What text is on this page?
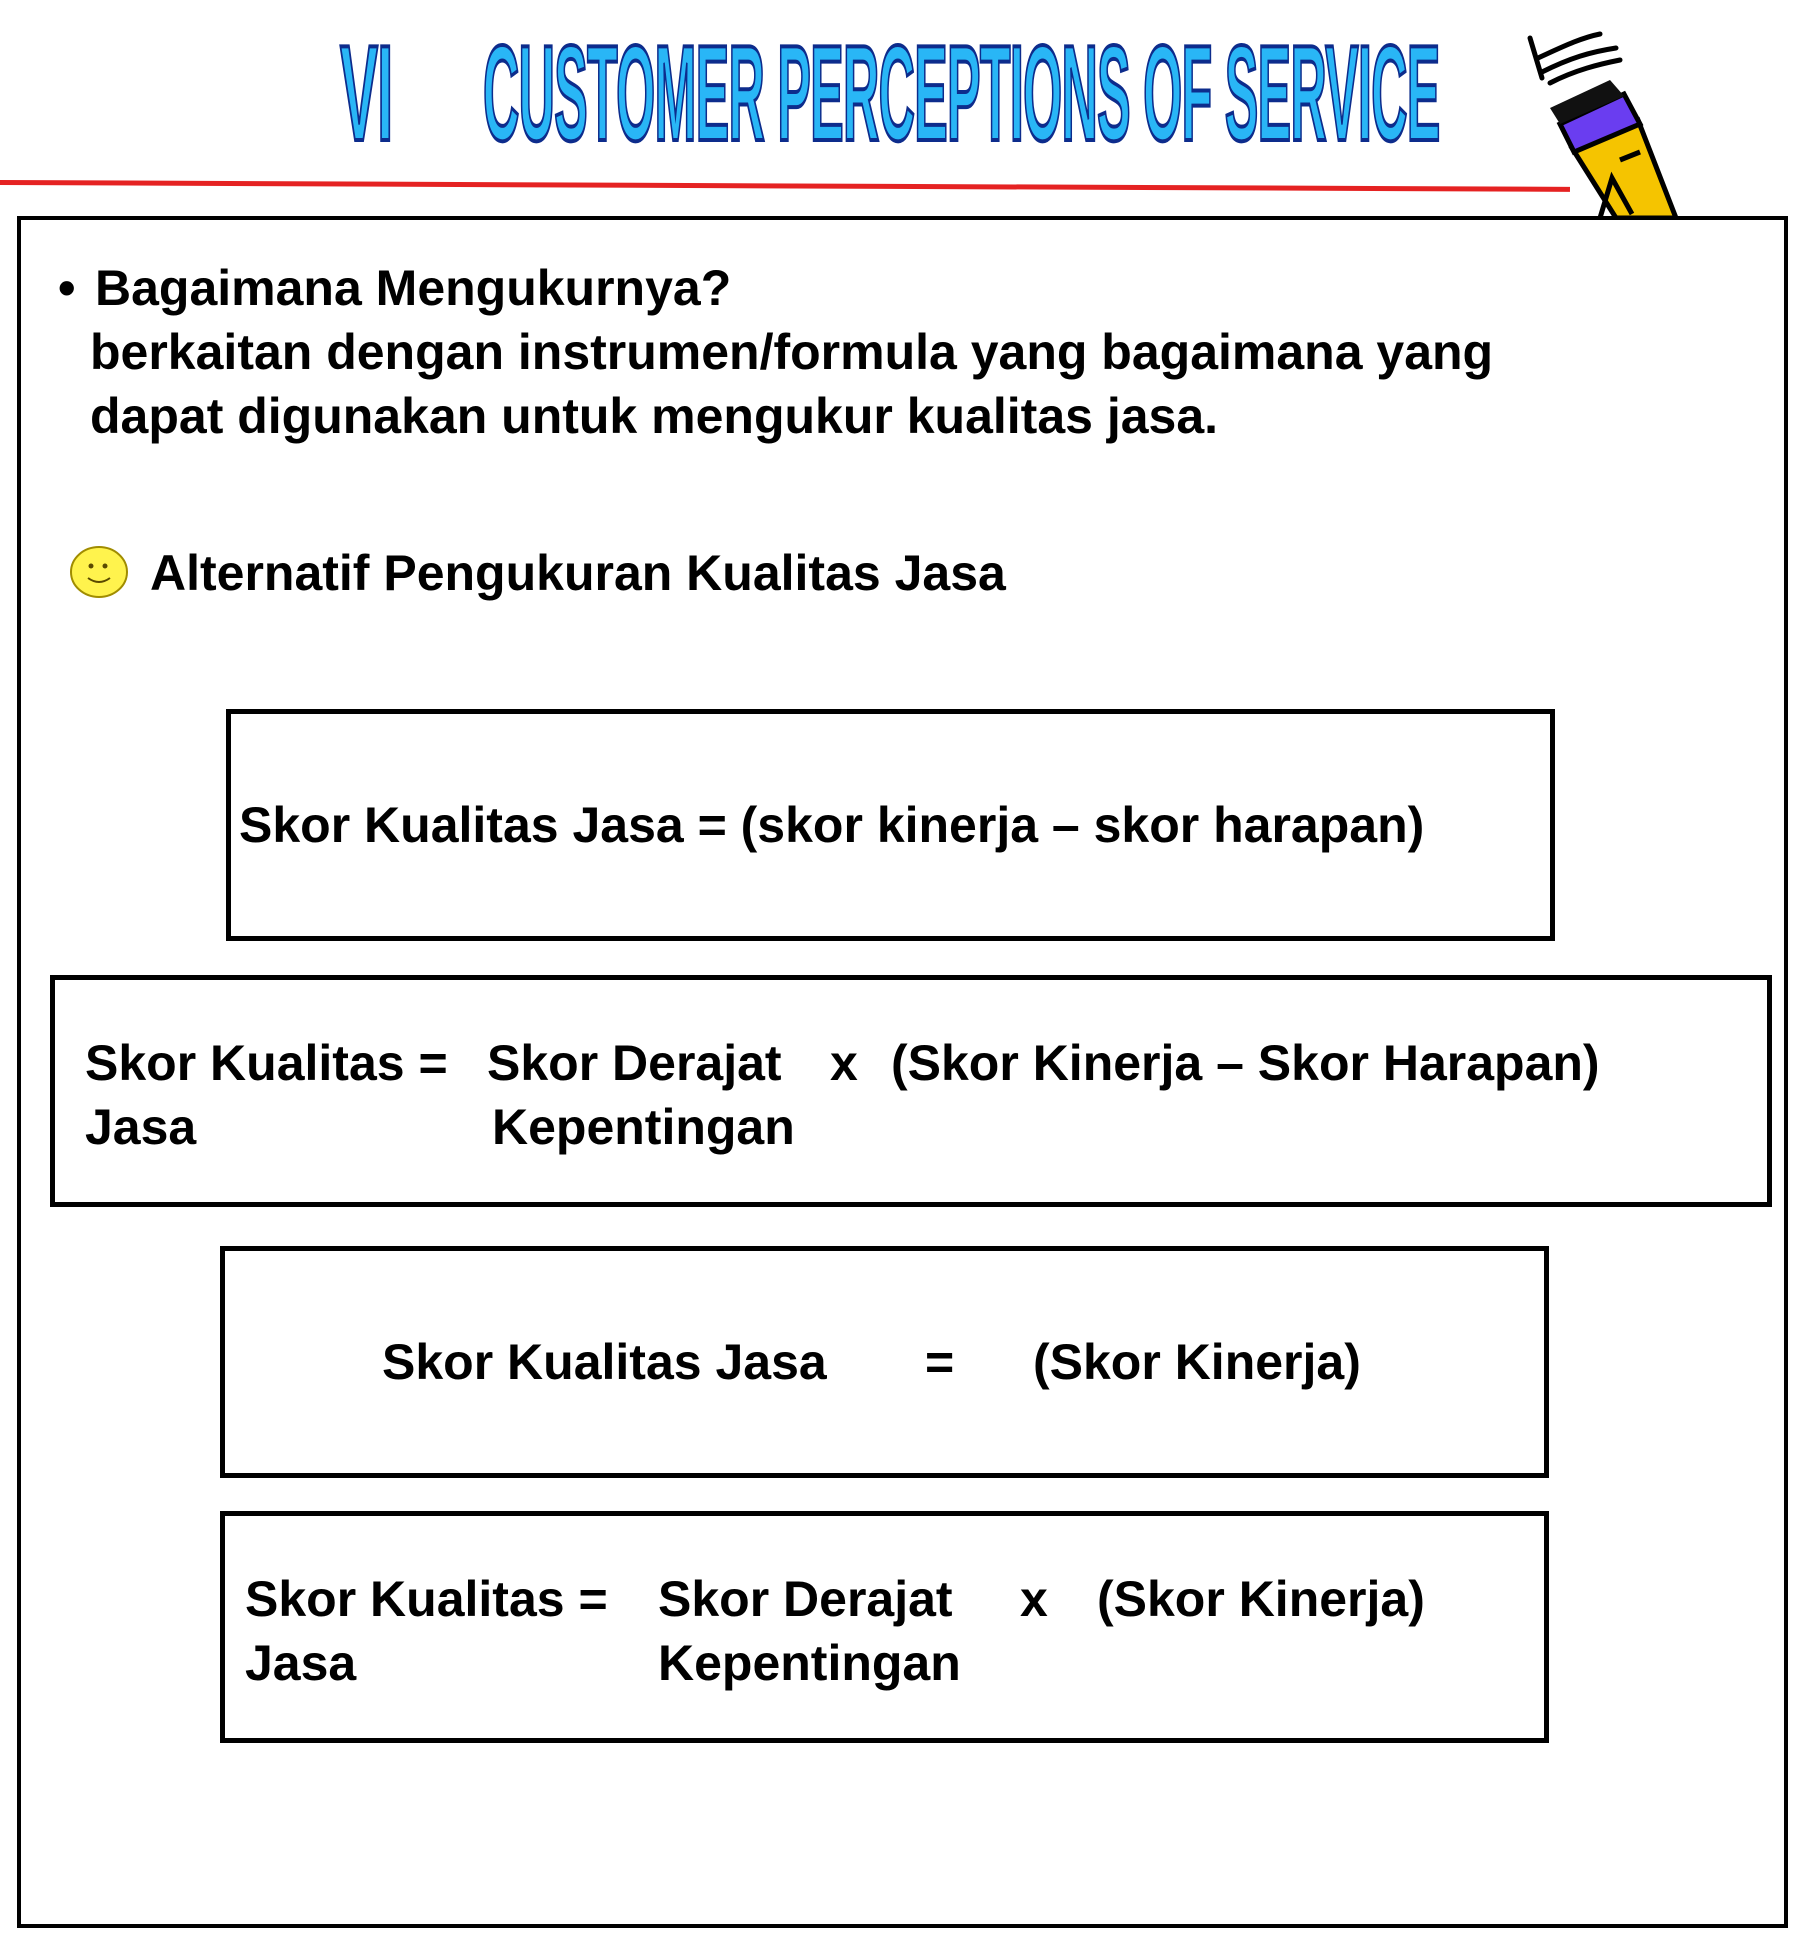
VI CUSTOMER PERCEPTIONS OF SERVICE
• Bagaimana Mengukurnya?
berkaitan dengan instrumen/formula yang bagaimana yang
dapat digunakan untuk mengukur kualitas jasa.
Alternatif Pengukuran Kualitas Jasa
Skor Kualitas Jasa = (skor kinerja – skor harapan)
Skor Kualitas =
Jasa
Skor Derajat
Kepentingan
x (Skor Kinerja – Skor Harapan)
Skor Kualitas Jasa = (Skor Kinerja)
Skor Kualitas =
Jasa
Skor Derajat
Kepentingan
x (Skor Kinerja)
